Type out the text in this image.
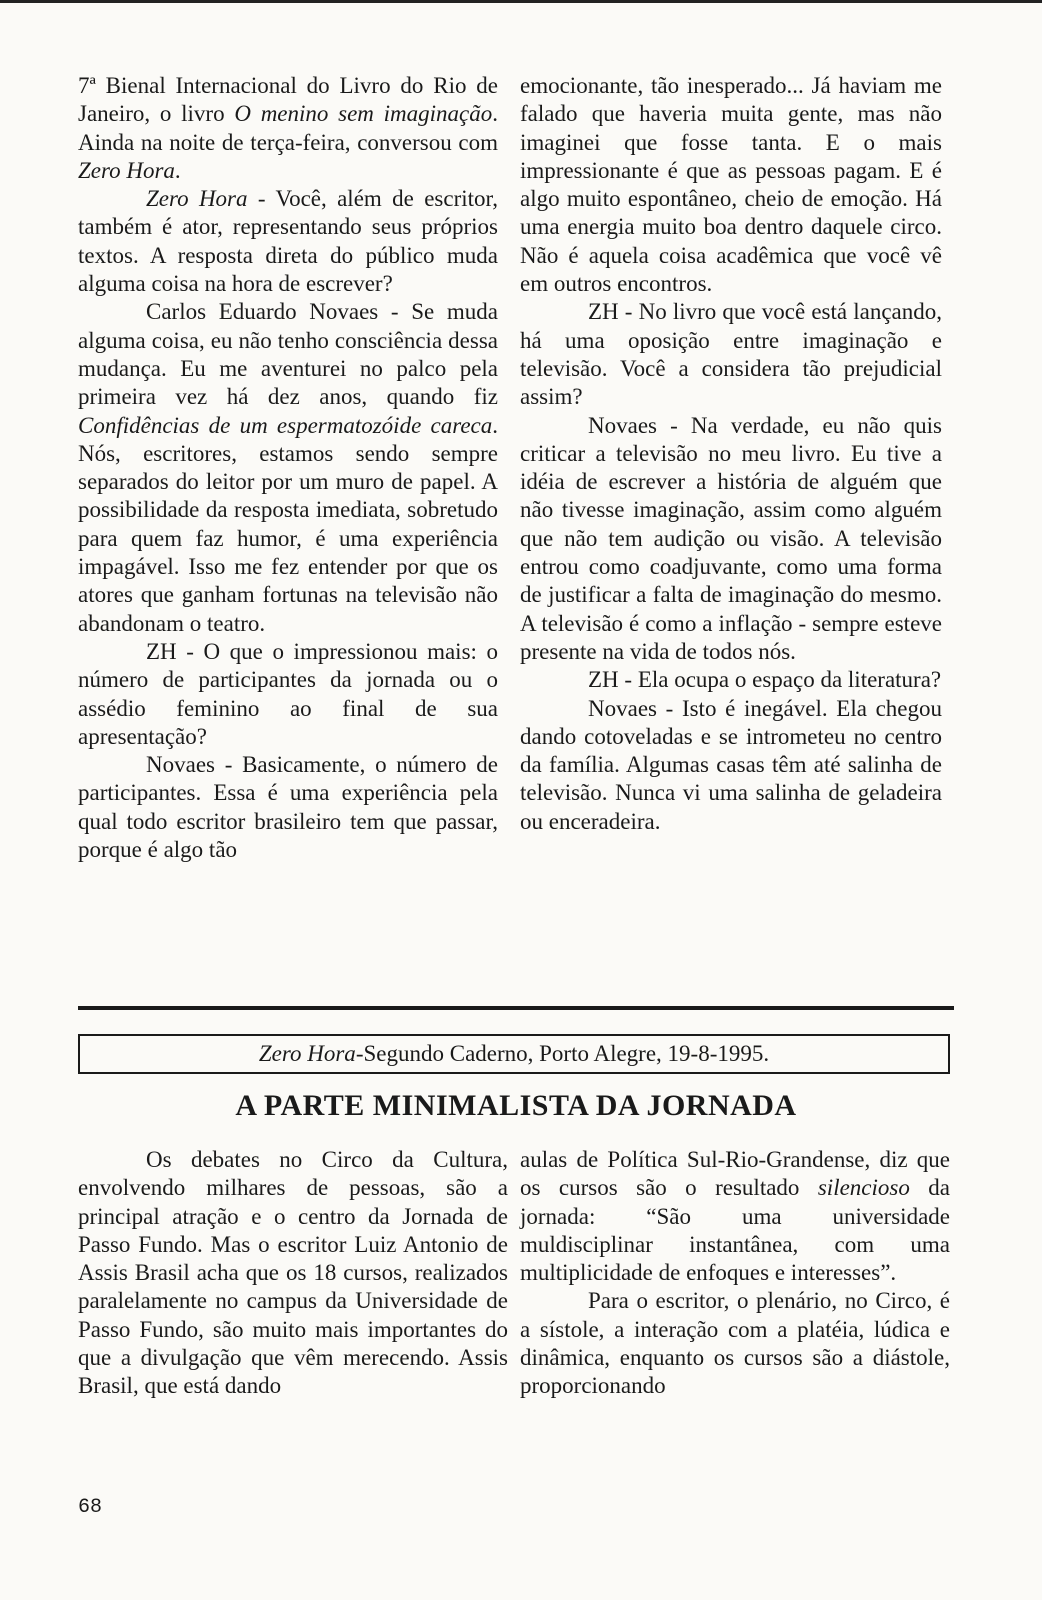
7ª Bienal Internacional do Livro do Rio de Janeiro, o livro O menino sem imaginação. Ainda na noite de terça-feira, conversou com Zero Hora.

Zero Hora - Você, além de escritor, também é ator, representando seus próprios textos. A resposta direta do público muda alguma coisa na hora de escrever?

Carlos Eduardo Novaes - Se muda alguma coisa, eu não tenho consciência dessa mudança. Eu me aventurei no palco pela primeira vez há dez anos, quando fiz Confidências de um espermatozóide careca. Nós, escritores, estamos sendo sempre separados do leitor por um muro de papel. A possibilidade da resposta imediata, sobretudo para quem faz humor, é uma experiência impagável. Isso me fez entender por que os atores que ganham fortunas na televisão não abandonam o teatro.

ZH - O que o impressionou mais: o número de participantes da jornada ou o assédio feminino ao final de sua apresentação?

Novaes - Basicamente, o número de participantes. Essa é uma experiência pela qual todo escritor brasileiro tem que passar, porque é algo tão

emocionante, tão inesperado... Já haviam me falado que haveria muita gente, mas não imaginei que fosse tanta. E o mais impressionante é que as pessoas pagam. E é algo muito espontâneo, cheio de emoção. Há uma energia muito boa dentro daquele circo. Não é aquela coisa acadêmica que você vê em outros encontros.

ZH - No livro que você está lançando, há uma oposição entre imaginação e televisão. Você a considera tão prejudicial assim?

Novaes - Na verdade, eu não quis criticar a televisão no meu livro. Eu tive a idéia de escrever a história de alguém que não tivesse imaginação, assim como alguém que não tem audição ou visão. A televisão entrou como coadjuvante, como uma forma de justificar a falta de imaginação do mesmo. A televisão é como a inflação - sempre esteve presente na vida de todos nós.

ZH - Ela ocupa o espaço da literatura?

Novaes - Isto é inegável. Ela chegou dando cotoveladas e se intrometeu no centro da família. Algumas casas têm até salinha de televisão. Nunca vi uma salinha de geladeira ou enceradeira.

Zero Hora-Segundo Caderno, Porto Alegre, 19-8-1995.
A PARTE MINIMALISTA DA JORNADA

Os debates no Circo da Cultura, envolvendo milhares de pessoas, são a principal atração e o centro da Jornada de Passo Fundo. Mas o escritor Luiz Antonio de Assis Brasil acha que os 18 cursos, realizados paralelamente no campus da Universidade de Passo Fundo, são muito mais importantes do que a divulgação que vêm merecendo. Assis Brasil, que está dando

aulas de Política Sul-Rio-Grandense, diz que os cursos são o resultado silencioso da jornada: “São uma universidade muldisciplinar instantânea, com uma multiplicidade de enfoques e interesses”.

Para o escritor, o plenário, no Circo, é a sístole, a interação com a platéia, lúdica e dinâmica, enquanto os cursos são a diástole, proporcionando

68
